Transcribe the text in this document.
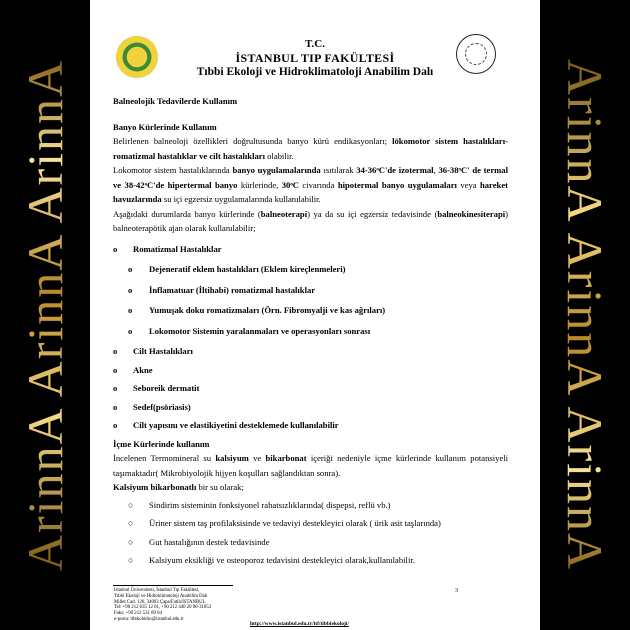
ArinnA ArinnA ArinnA	ArinnA ArinnA ArinnA
T.C.
İSTANBUL TIP FAKÜLTESİ
Tıbbi Ekoloji ve Hidroklimatoloji Anabilim Dalı

Balneolojik Tedavilerde Kullanım

Banyo Kürlerinde Kullanım

Belirlenen balneoloji özellikleri doğrultusunda banyo kürü endikasyonları; lökomotor sistem hastalıkları-romatizmal hastalıklar ve cilt hastalıkları olabilir.

Lokomotor sistem hastalıklarında banyo uygulamalarında ısıtılarak 34-36ᵒC'de izotermal, 36-38ᵒC' de termal ve 38-42ᵒC'de hipertermal banyo kürlerinde, 30ᵒC civarında hipotermal banyo uygulamaları veya hareket havuzlarında su içi egzersiz uygulamalarında kullanılabilir.

Aşağıdaki durumlarda banyo kürlerinde (balneoterapi) ya da su içi egzersiz tedavisinde (balneokinesiterapi) balneoterapötik ajan olarak kullanılabilir;

o Romatizmal Hastalıklar
o Dejeneratif eklem hastalıkları (Eklem kireçlenmeleri)
o İnflamatuar (İltihabi) romatizmal hastalıklar
o Yumuşak doku romatizmaları (Örn. Fibromyalji ve kas ağrıları)
o Lokomotor Sistemin yaralanmaları ve operasyonları sonrası
o Cilt Hastalıkları
o Akne
o Seboreik dermatit
o Sedef(psöriasis)
o Cilt yapısını ve elastikiyetini desteklemede kullanılabilir

İçme Kürlerinde kullanım

İncelenen Termomineral su kalsiyum ve bikarbonat içeriği nedeniyle içme kürlerinde kullanım potansiyeli taşımaktadır( Mikrobiyolojik hijyen koşulları sağlandıktan sonra).

Kalsiyum bikarbonatlı bir su olarak;

○ Sindirim sisteminin fonksiyonel rahatsızlıklarında( dispepsi, reflü vb.)
○ Üriner sistem taş profilaksisinde ve tedaviyi destekleyici olarak ( ürik asit taşlarında)
○ Gut hastalığının destek tedavisinde
○ Kalsiyum eksikliği ve osteoporoz tedavisini destekleyici olarak,kullanılabilir.
İstanbul Üniversitesi, İstanbul Tıp Fakültesi,
Tıbbi Ekoloji ve Hidroklimatoloji Anabilim Dalı
Millet Cad. 126, 34093 Çapa/Fatih/İSTANBUL
Tel: +90 212 635 12 01, +90 212 440 20 00-31853
Faks: +90 212 531 89 04
e-posta: itfekohidro@istanbul.edu.tr
3
http://www.istanbul.edu.tr/itf/tibbiekoloji/
